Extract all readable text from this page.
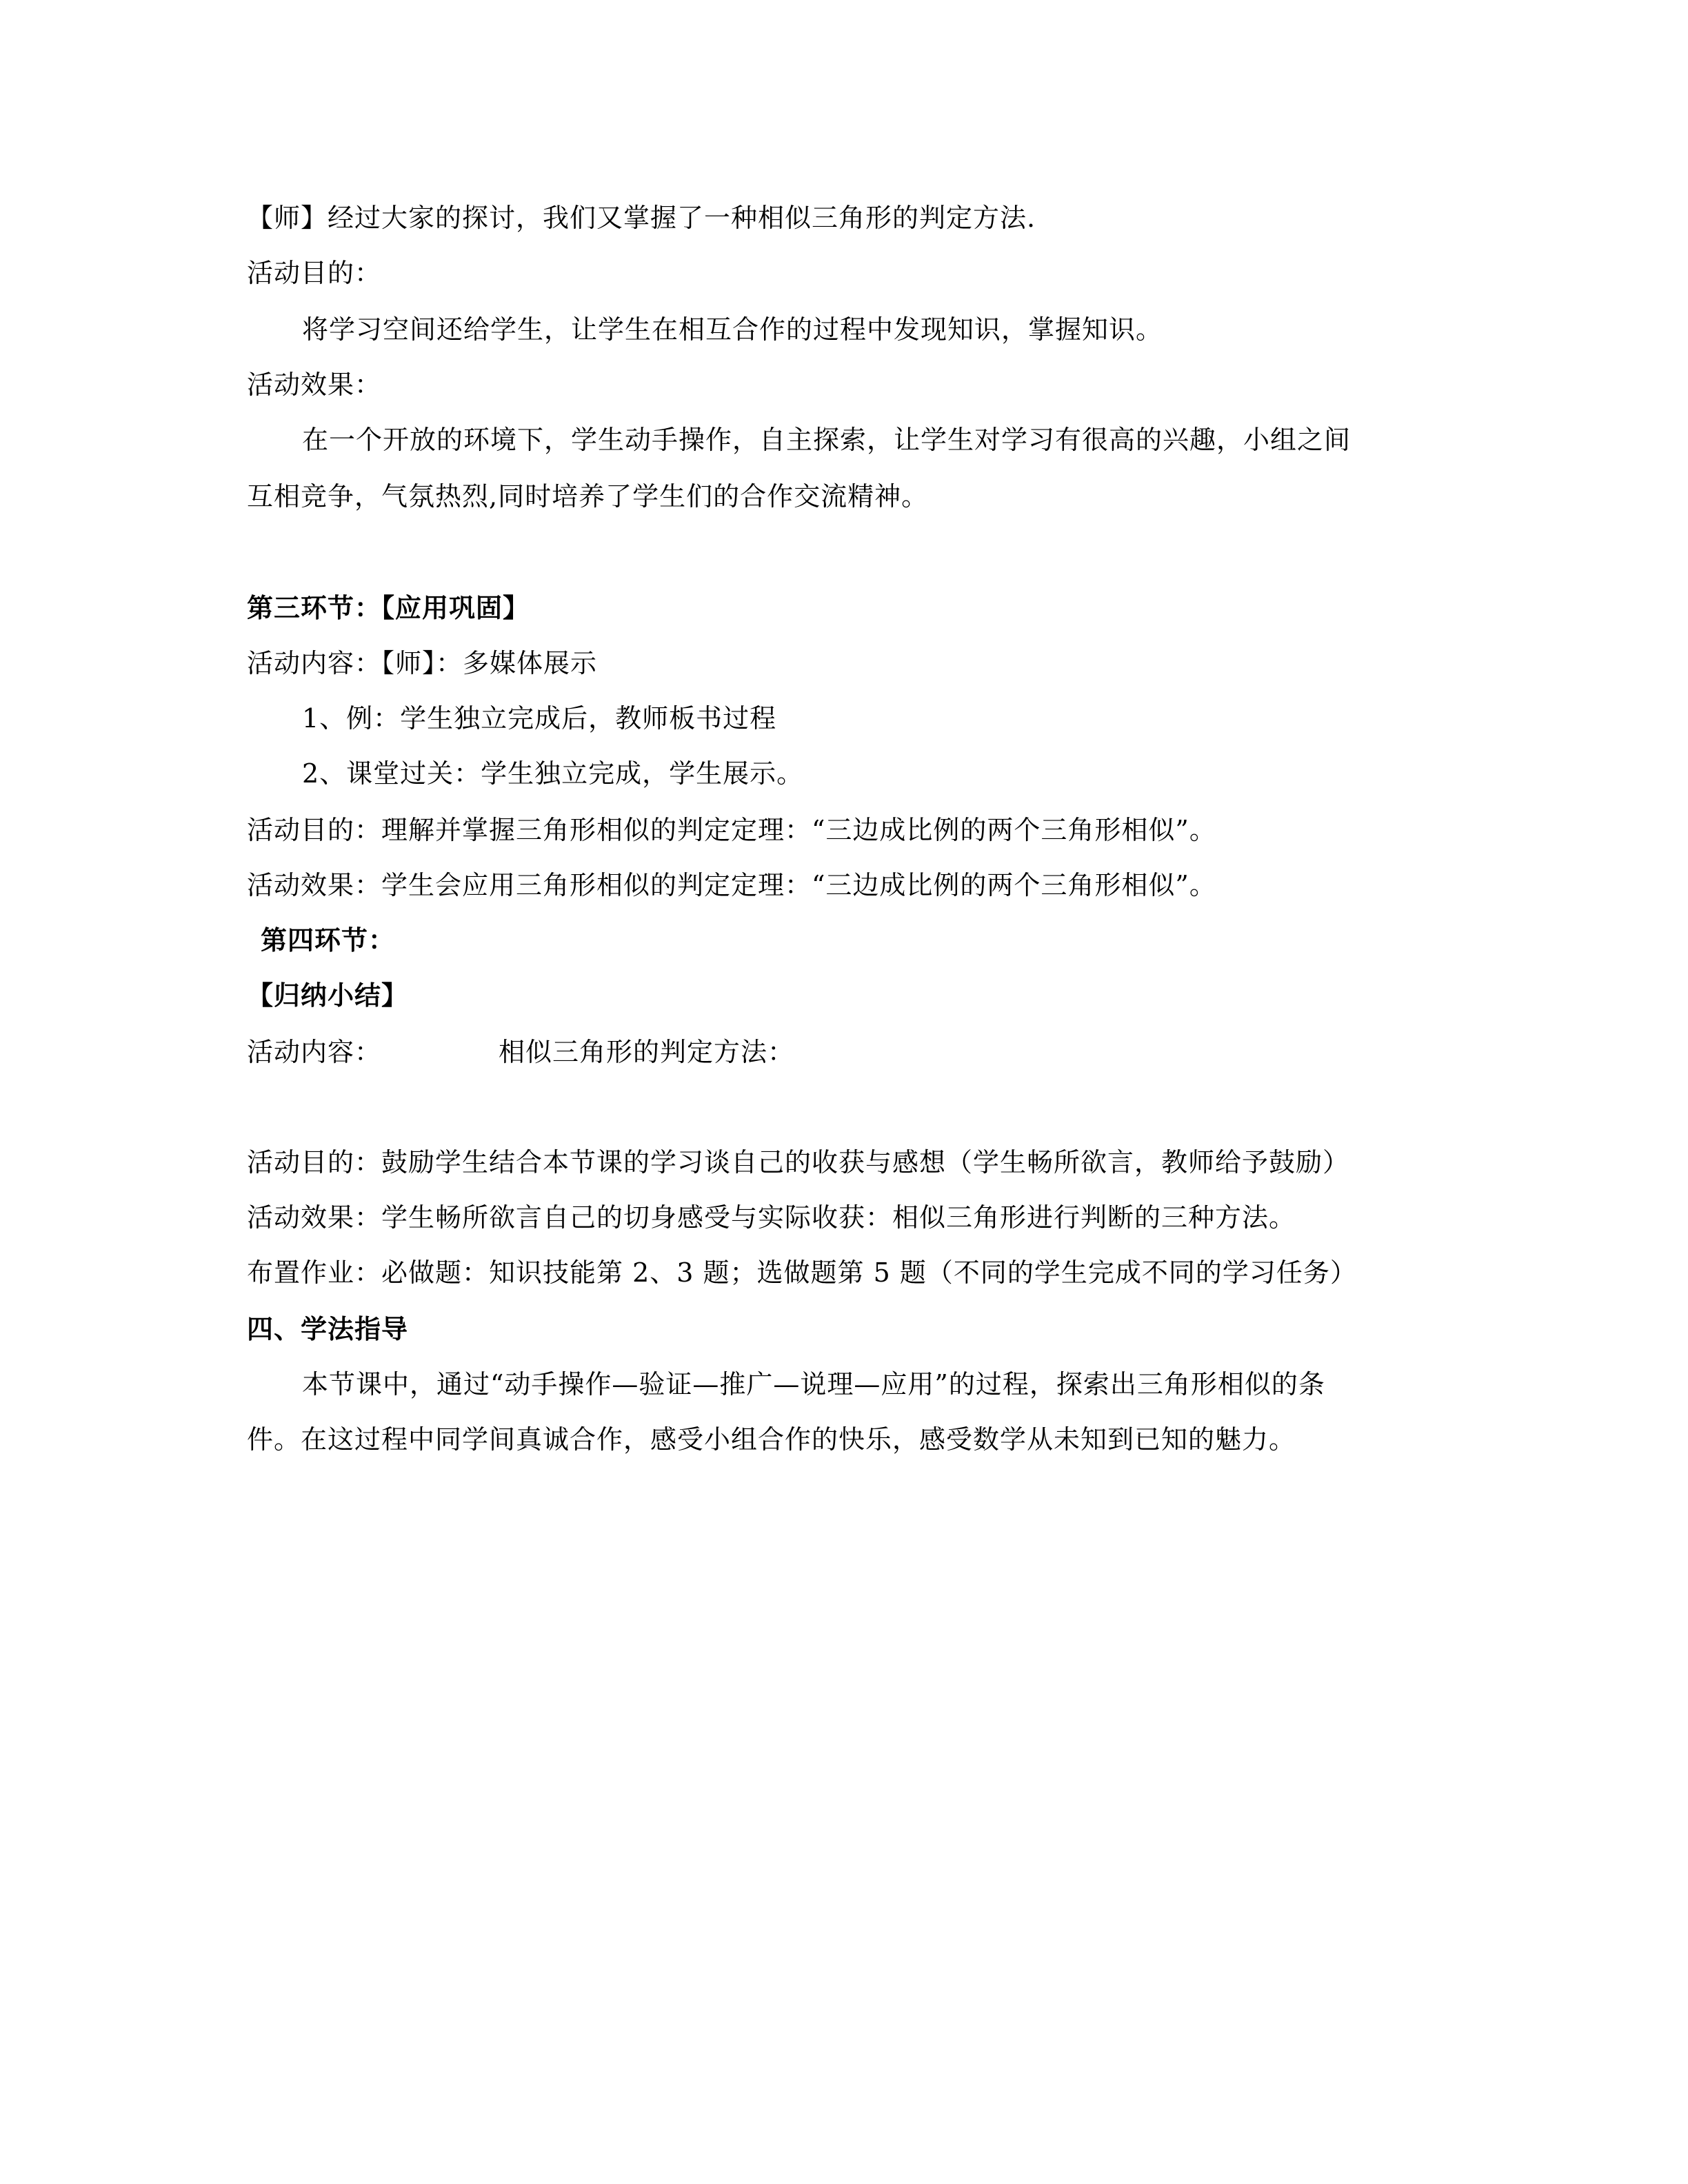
【师】经过大家的探讨，我们又掌握了一种相似三角形的判定方法.
活动目的：
将学习空间还给学生，让学生在相互合作的过程中发现知识，掌握知识。
活动效果：
在一个开放的环境下，学生动手操作，自主探索，让学生对学习有很高的兴趣，小组之间
互相竞争，气氛热烈,同时培养了学生们的合作交流精神。
第三环节：【应用巩固】
活动内容：【师】：多媒体展示
1、例：学生独立完成后，教师板书过程
2、课堂过关：学生独立完成，学生展示。
活动目的：理解并掌握三角形相似的判定定理：“三边成比例的两个三角形相似”。
活动效果：学生会应用三角形相似的判定定理：“三边成比例的两个三角形相似”。
第四环节：
【归纳小结】
活动内容：	相似三角形的判定方法：
活动目的：鼓励学生结合本节课的学习谈自己的收获与感想（学生畅所欲言，教师给予鼓励）
活动效果：学生畅所欲言自己的切身感受与实际收获：相似三角形进行判断的三种方法。
布置作业：必做题：知识技能第 2、3 题；选做题第 5 题（不同的学生完成不同的学习任务）
四、学法指导
本节课中，通过“动手操作—验证—推广—说理—应用”的过程，探索出三角形相似的条
件。在这过程中同学间真诚合作，感受小组合作的快乐，感受数学从未知到已知的魅力。
